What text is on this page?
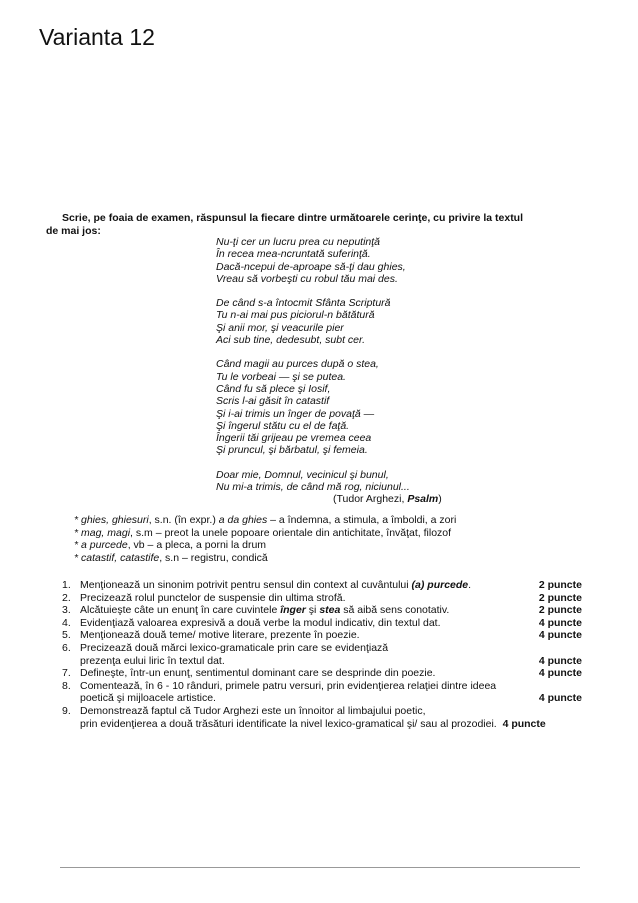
Varianta 12
Scrie, pe foaia de examen, răspunsul la fiecare dintre următoarele cerinţe, cu privire la textul
de mai jos:
Nu-ţi cer un lucru prea cu neputinţă
În recea mea-ncruntată suferinţă.
Dacă-ncepui de-aproape să-ţi dau ghies,
Vreau să vorbeşti cu robul tău mai des.
De când s-a întocmit Sfânta Scriptură
Tu n-ai mai pus piciorul-n bătătură
Şi anii mor, şi veacurile pier
Aci sub tine, dedesubt, subt cer.
Când magii au purces după o stea,
Tu le vorbeai — şi se putea.
Când fu să plece şi Iosif,
Scris l-ai găsit în catastif
Şi i-ai trimis un înger de povaţă —
Şi îngerul stătu cu el de faţă.
Îngerii tăi grijeau pe vremea ceea
Şi pruncul, şi bărbatul, şi femeia.
Doar mie, Domnul, vecinicul şi bunul,
Nu mi-a trimis, de când mă rog, niciunul...
(Tudor Arghezi, Psalm)
* ghies, ghiesuri, s.n. (în expr.) a da ghies – a îndemna, a stimula, a îmboldi, a zori
* mag, magi, s.m – preot la unele popoare orientale din antichitate, învăţat, filozof
* a purcede, vb – a pleca, a porni la drum
* catastif, catastife, s.n – registru, condică
1. Menţionează un sinonim potrivit pentru sensul din context al cuvântului (a) purcede.	2 puncte
2. Precizează rolul punctelor de suspensie din ultima strofă.	2 puncte
3. Alcătuieşte câte un enunţ în care cuvintele înger şi stea să aibă sens conotativ.	2 puncte
4. Evidenţiază valoarea expresivă a două verbe la modul indicativ, din textul dat.	4 puncte
5. Menţionează două teme/ motive literare, prezente în poezie.	4 puncte
6. Precizează două mărci lexico-gramaticale prin care se evidenţiază
prezenţa eului liric în textul dat.	4 puncte
7. Defineşte, într-un enunţ, sentimentul dominant care se desprinde din poezie.	4 puncte
8. Comentează, în 6 - 10 rânduri, primele patru versuri, prin evidenţierea relaţiei dintre ideea
poetică şi mijloacele artistice.	4 puncte
9. Demonstrează faptul că Tudor Arghezi este un înnoitor al limbajului poetic,
prin evidenţierea a două trăsături identificate la nivel lexico-gramatical şi/ sau al prozodiei. 4 puncte
